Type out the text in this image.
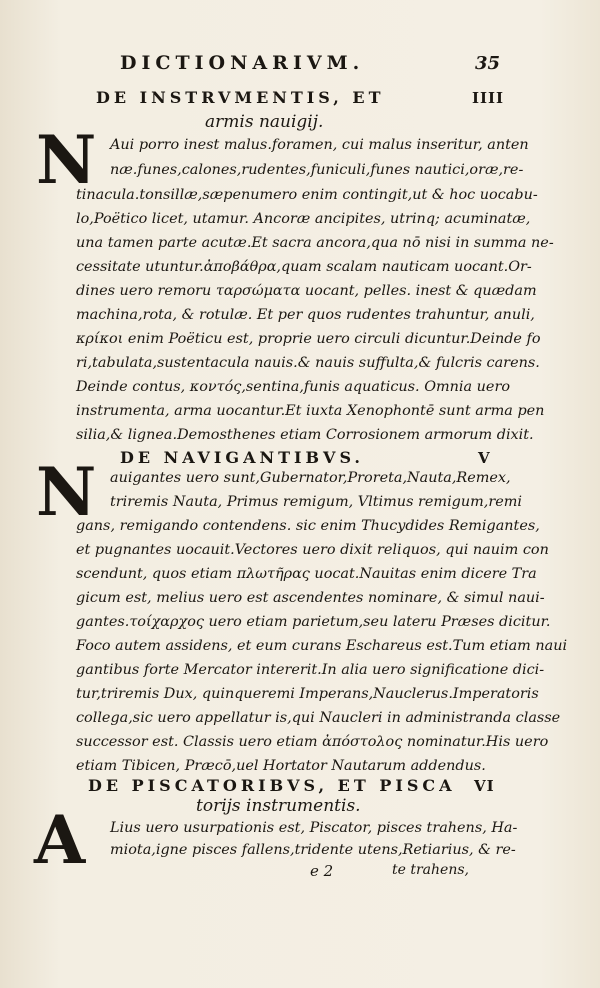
DICTIONARIVM.	35
DE INSTRVMENTIS, ET	IIII
armis nauigij.
N Aui porro inest malus.foramen, cui malus inseritur, anten
næ.funes,calones,rudentes,funiculi,funes nautici,oræ,re-
tinacula.tonsillæ,sæpenumero enim contingit,ut & hoc uocabu-
lo,Poëtico licet, utamur. Ancoræ ancipites, utrinq; acuminatæ,
una tamen parte acutæ.Et sacra ancora,qua nō nisi in summa ne-
cessitate utuntur.ἀποβάθρα,quam scalam nauticam uocant.Or-
dines uero remoru ταρσώματα uocant, pelles. inest & quædam
machina,rota, & rotulæ. Et per quos rudentes trahuntur, anuli,
κρίκοι enim Poëticu est, proprie uero circuli dicuntur.Deinde fo
ri,tabulata,sustentacula nauis.& nauis suffulta,& fulcris carens.
Deinde contus, κοντός,sentina,funis aquaticus. Omnia uero
instrumenta, arma uocantur.Et iuxta Xenophontē sunt arma pen
silia,& lignea.Demosthenes etiam Corrosionem armorum dixit.
DE NAVIGANTIBVS.	V
N auigantes uero sunt,Gubernator,Proreta,Nauta,Remex,
triremis Nauta, Primus remigum, Vltimus remigum,remi
gans, remigando contendens. sic enim Thucydides Remigantes,
et pugnantes uocauit.Vectores uero dixit reliquos, qui nauim con
scendunt, quos etiam πλωτῆρας uocat.Nauitas enim dicere Tra
gicum est, melius uero est ascendentes nominare, & simul naui-
gantes.τοίχαρχος uero etiam parietum,seu lateru Præses dicitur.
Foco autem assidens, et eum curans Eschareus est.Tum etiam naui
gantibus forte Mercator intererit.In alia uero significatione dici-
tur,triremis Dux, quinqueremi Imperans,Nauclerus.Imperatoris
collega,sic uero appellatur is,qui Naucleri in administranda classe
successor est. Classis uero etiam ἀπόστολος nominatur.His uero
etiam Tibicen, Præcō,uel Hortator Nautarum addendus.
DE PISCATORIBVS, ET PISCA	VI
torijs instrumentis.
A Lius uero usurpationis est, Piscator, pisces trahens, Ha-
miota,igne pisces fallens,tridente utens,Retiarius, & re-
e 2	te trahens,
